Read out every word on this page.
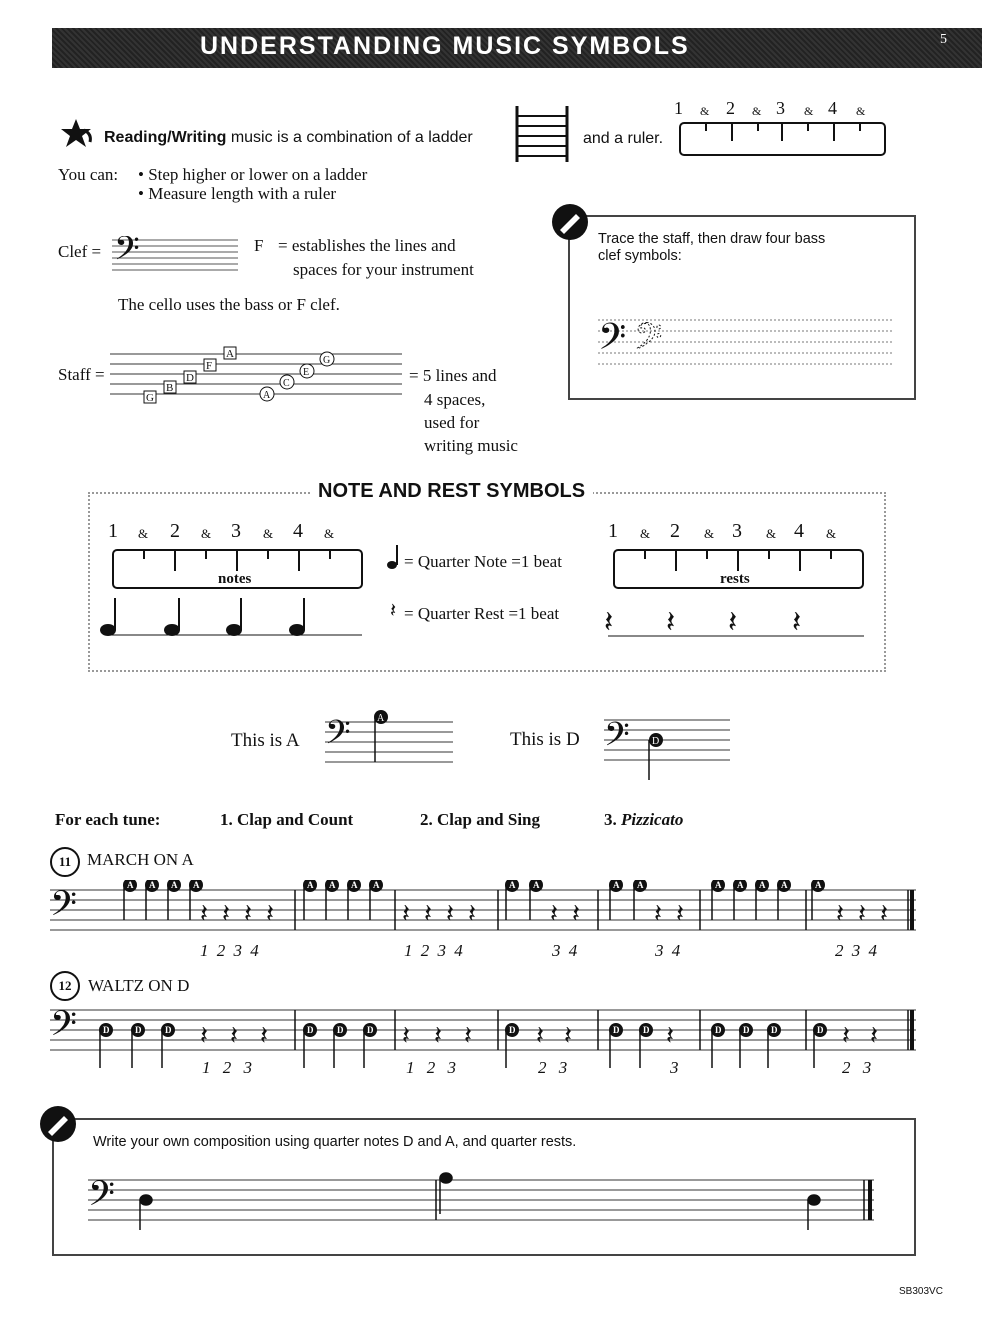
UNDERSTANDING MUSIC SYMBOLS	5
Reading/Writing music is a combination of a ladder	and a ruler.
1 & 2 & 3 & 4 &
You can: • Step higher or lower on a ladder
• Measure length with a ruler
Clef = 𝄢	F = establishes the lines and
spaces for your instrument
The cello uses the bass or F clef.
Staff =
G
B
D
F
A
A
C
E
G
= 5 lines and
4 spaces,
used for
writing music
Trace the staff, then draw four bass
clef symbols:
𝄢 𝄢
NOTE AND REST SYMBOLS
1 & 2 & 3 & 4 &
notes
= Quarter Note =1 beat
𝄽 = Quarter Rest =1 beat
1 & 2 & 3 & 4 &
rests
𝄽 𝄽 𝄽 𝄽
This is A 𝄢	A
This is D 𝄢 D
For each tune:	1. Clap and Count	2. Clap and Sing	3. Pizzicato
11 MARCH ON A
𝄢
A A A A	A A A A	A A	A A	A A A A	A
𝄽 𝄽 𝄽 𝄽	𝄽 𝄽 𝄽 𝄽	𝄽 𝄽	𝄽 𝄽	𝄽 𝄽 𝄽
1 2 3 4	1 2 3 4	3 4	3 4	2 3 4
12 WALTZ ON D
𝄢	D	D	D	D	D	D	D	D	D	D D D	D
𝄽 𝄽 𝄽	𝄽 𝄽 𝄽 𝄽 𝄽	𝄽	𝄽 𝄽
1 2 3	1 2 3	2 3	3	2 3
Write your own composition using quarter notes D and A, and quarter rests.
𝄢
SB303VC
